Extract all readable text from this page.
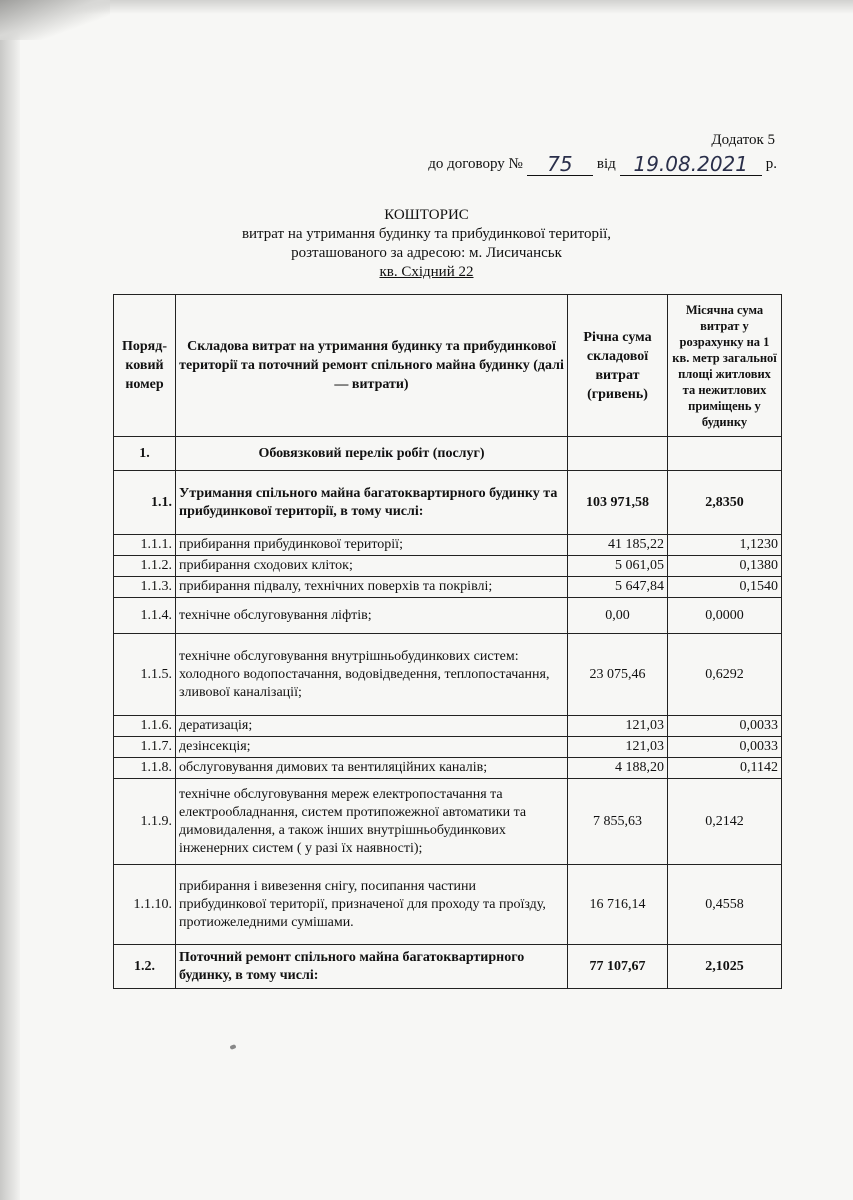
Додаток 5
до договору №	75	від 19.08.2021	р.
КОШТОРИС
витрат на утримання будинку та прибудинкової території,
розташованого за адресою: м. Лисичанськ
кв. Східний 22
Поряд-ковий номер	Складова витрат на утримання будинку та прибудинкової території та поточний ремонт спільного майна будинку (далі — витрати)	Річна сума складової витрат (гривень)	Місячна сума витрат у розрахунку на 1 кв. метр загальної площі житлових та нежитлових приміщень у будинку
1.	Обовязковий перелік робіт (послуг)		
1.1.	Утримання спільного майна багатоквартирного будинку та прибудинкової території, в тому числі:	103 971,58	2,8350
1.1.1.	прибирання прибудинкової території;	41 185,22	1,1230
1.1.2.	прибирання сходових кліток;	5 061,05	0,1380
1.1.3.	прибирання підвалу, технічних поверхів та покрівлі;	5 647,84	0,1540
1.1.4.	технічне обслуговування ліфтів;	0,00	0,0000
1.1.5.	технічне обслуговування внутрішньобудинкових систем: холодного водопостачання, водовідведення, теплопостачання, зливової каналізації;	23 075,46	0,6292
1.1.6.	дератизація;	121,03	0,0033
1.1.7.	дезінсекція;	121,03	0,0033
1.1.8.	обслуговування димових та вентиляційних каналів;	4 188,20	0,1142
1.1.9.	технічне обслуговування мереж електропостачання та електрообладнання, систем протипожежної автоматики та димовидалення, а також інших внутрішньобудинкових інженерних систем ( у разі їх наявності);	7 855,63	0,2142
1.1.10.	прибирання і вивезення снігу, посипання частини прибудинкової території, призначеної для проходу та проїзду, протиожеледними сумішами.	16 716,14	0,4558
1.2.	Поточний ремонт спільного майна багатоквартирного будинку, в тому числі:	77 107,67	2,1025
